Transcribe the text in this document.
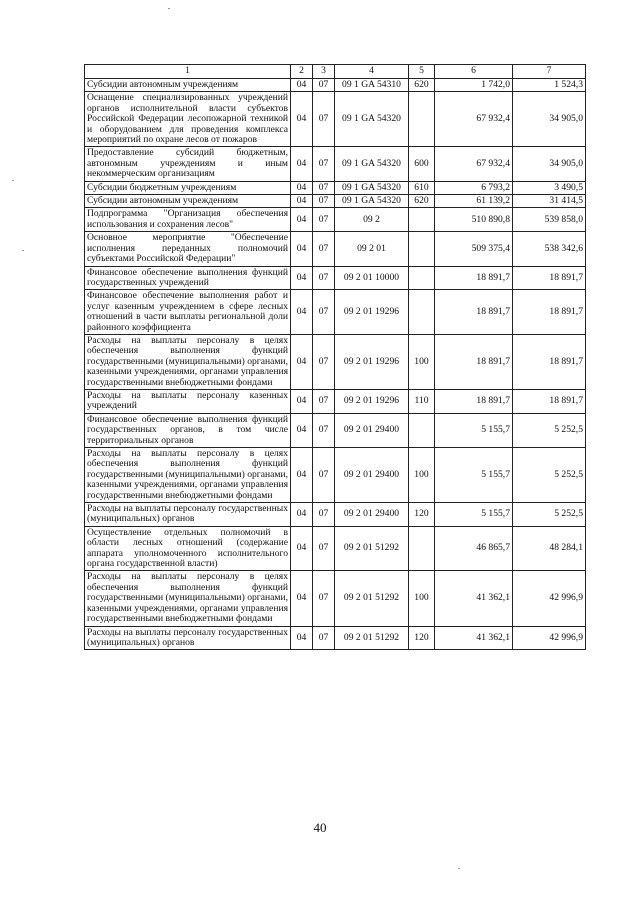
1	2	3	4	5	6	7
Субсидии автономным учреждениям	04	07	09 1 GA 54310	620	1 742,0	1 524,3
Оснащение специализированных учреждений органов исполнительной власти субъектов Российской Федерации лесопожарной техникой и оборудованием для проведения комплекса мероприятий по охране лесов от пожаров	04	07	09 1 GA 54320		67 932,4	34 905,0
Предоставление субсидий бюджетным, автономным учреждениям и иным некоммерческим организациям	04	07	09 1 GA 54320	600	67 932,4	34 905,0
Субсидии бюджетным учреждениям	04	07	09 1 GA 54320	610	6 793,2	3 490,5
Субсидии автономным учреждениям	04	07	09 1 GA 54320	620	61 139,2	31 414,5
Подпрограмма "Организация обеспечения использования и сохранения лесов"	04	07	09 2		510 890,8	539 858,0
Основное мероприятие "Обеспечение исполнения переданных полномочий субъектами Российской Федерации"	04	07	09 2 01		509 375,4	538 342,6
Финансовое обеспечение выполнения функций государственных учреждений	04	07	09 2 01 10000		18 891,7	18 891,7
Финансовое обеспечение выполнения работ и услуг казенным учреждением в сфере лесных отношений в части выплаты региональной доли районного коэффициента	04	07	09 2 01 19296		18 891,7	18 891,7
Расходы на выплаты персоналу в целях обеспечения выполнения функций государственными (муниципальными) органами, казенными учреждениями, органами управления государственными внебюджетными фондами	04	07	09 2 01 19296	100	18 891,7	18 891,7
Расходы на выплаты персоналу казенных учреждений	04	07	09 2 01 19296	110	18 891,7	18 891,7
Финансовое обеспечение выполнения функций государственных органов, в том числе территориальных органов	04	07	09 2 01 29400		5 155,7	5 252,5
Расходы на выплаты персоналу в целях обеспечения выполнения функций государственными (муниципальными) органами, казенными учреждениями, органами управления государственными внебюджетными фондами	04	07	09 2 01 29400	100	5 155,7	5 252,5
Расходы на выплаты персоналу государственных (муниципальных) органов	04	07	09 2 01 29400	120	5 155,7	5 252,5
Осуществление отдельных полномочий в области лесных отношений (содержание аппарата уполномоченного исполнительного органа государственной власти)	04	07	09 2 01 51292		46 865,7	48 284,1
Расходы на выплаты персоналу в целях обеспечения выполнения функций государственными (муниципальными) органами, казенными учреждениями, органами управления государственными внебюджетными фондами	04	07	09 2 01 51292	100	41 362,1	42 996,9
Расходы на выплаты персоналу государственных (муниципальных) органов	04	07	09 2 01 51292	120	41 362,1	42 996,9
40
